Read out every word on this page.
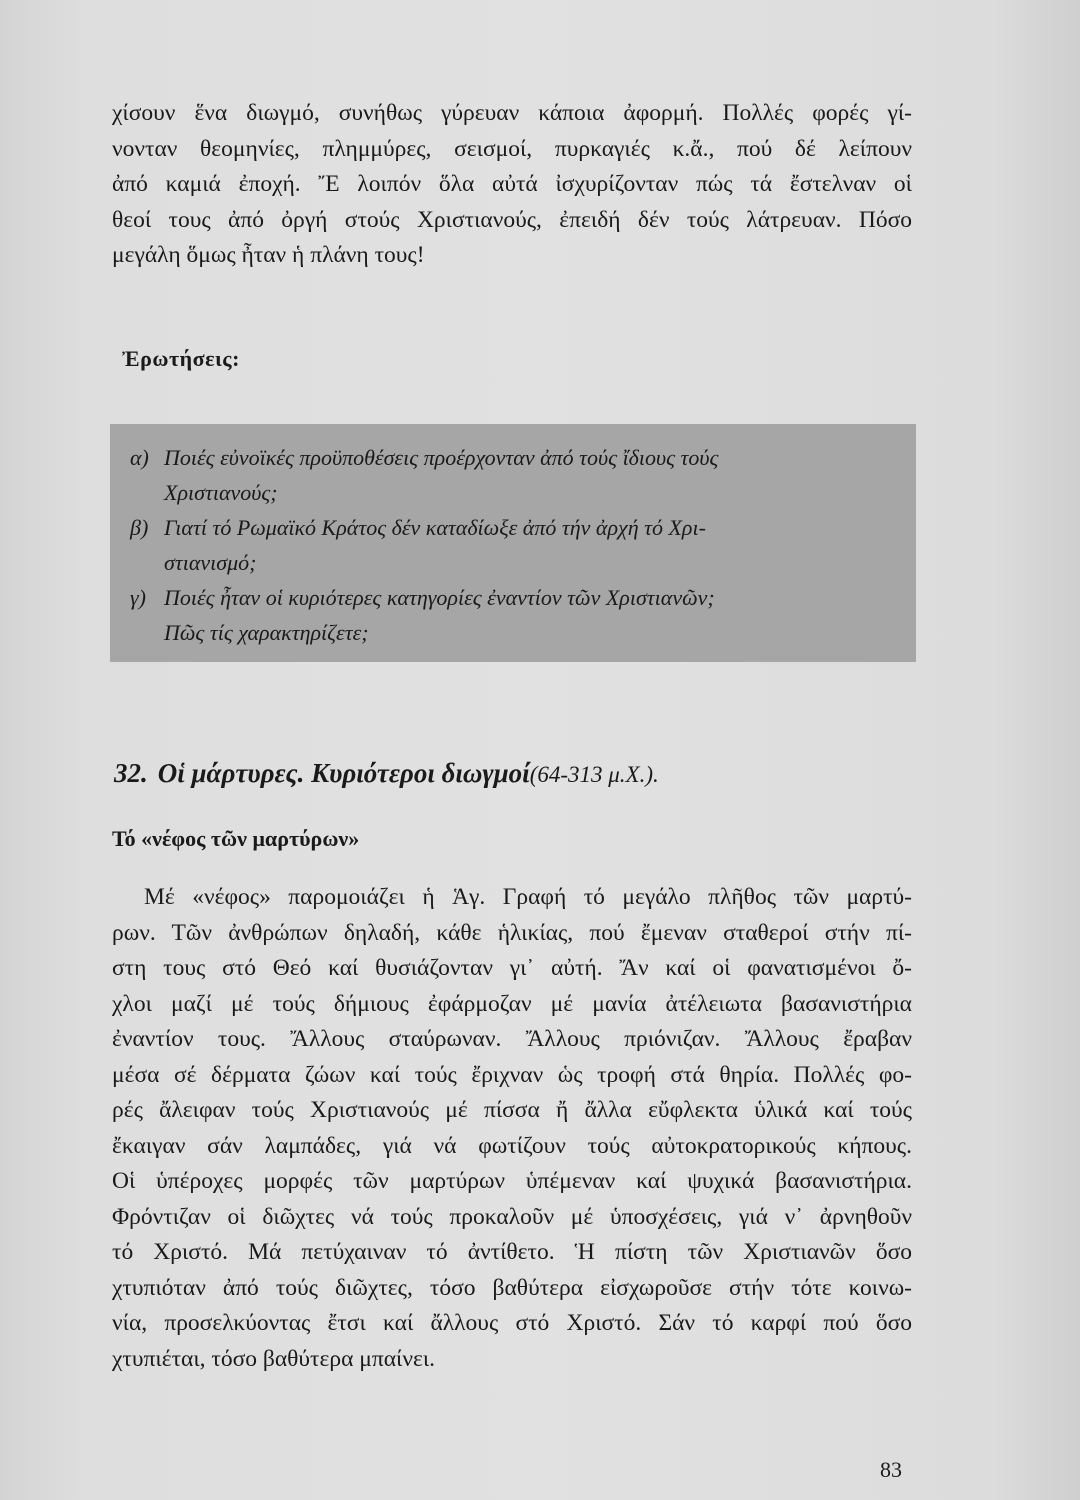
χίσουν ἕνα διωγμό, συνήθως γύρευαν κάποια ἀφορμή. Πολλές φορές γί-
νονταν θεομηνίες, πλημμύρες, σεισμοί, πυρκαγιές κ.ἄ., πού δέ λείπουν
ἀπό καμιά ἐποχή. Ἔ λοιπόν ὅλα αὐτά ἰσχυρίζονταν πώς τά ἔστελναν οἱ
θεοί τους ἀπό ὀργή στούς Χριστιανούς, ἐπειδή δέν τούς λάτρευαν. Πόσο
μεγάλη ὅμως ἦταν ἡ πλάνη τους!
Ἐρωτήσεις:
α) Ποιές εὐνοϊκές προϋποθέσεις προέρχονταν ἀπό τούς ἴδιους τούς
Χριστιανούς;
β) Γιατί τό Ρωμαϊκό Κράτος δέν καταδίωξε ἀπό τήν ἀρχή τό Χρι-
στιανισμό;
γ) Ποιές ἦταν οἱ κυριότερες κατηγορίες ἐναντίον τῶν Χριστιανῶν;
Πῶς τίς χαρακτηρίζετε;
32. Οἱ μάρτυρες. Κυριότεροι διωγμοί(64-313 μ.Χ.).
Τό «νέφος τῶν μαρτύρων»
Μέ «νέφος» παρομοιάζει ἡ Ἁγ. Γραφή τό μεγάλο πλῆθος τῶν μαρτύ-
ρων. Τῶν ἀνθρώπων δηλαδή, κάθε ἡλικίας, πού ἔμεναν σταθεροί στήν πί-
στη τους στό Θεό καί θυσιάζονταν γι᾽ αὐτή. Ἄν καί οἱ φανατισμένοι ὄ-
χλοι μαζί μέ τούς δήμιους ἐφάρμοζαν μέ μανία ἀτέλειωτα βασανιστήρια
ἐναντίον τους. Ἄλλους σταύρωναν. Ἄλλους πριόνιζαν. Ἄλλους ἔραβαν
μέσα σέ δέρματα ζώων καί τούς ἔριχναν ὡς τροφή στά θηρία. Πολλές φο-
ρές ἄλειφαν τούς Χριστιανούς μέ πίσσα ἤ ἄλλα εὔφλεκτα ὑλικά καί τούς
ἔκαιγαν σάν λαμπάδες, γιά νά φωτίζουν τούς αὐτοκρατορικούς κήπους.
Οἱ ὑπέροχες μορφές τῶν μαρτύρων ὑπέμεναν καί ψυχικά βασανιστήρια.
Φρόντιζαν οἱ διῶχτες νά τούς προκαλοῦν μέ ὑποσχέσεις, γιά ν᾽ ἀρνηθοῦν
τό Χριστό. Μά πετύχαιναν τό ἀντίθετο. Ἡ πίστη τῶν Χριστιανῶν ὅσο
χτυπιόταν ἀπό τούς διῶχτες, τόσο βαθύτερα εἰσχωροῦσε στήν τότε κοινω-
νία, προσελκύοντας ἔτσι καί ἄλλους στό Χριστό. Σάν τό καρφί πού ὅσο
χτυπιέται, τόσο βαθύτερα μπαίνει.
83
